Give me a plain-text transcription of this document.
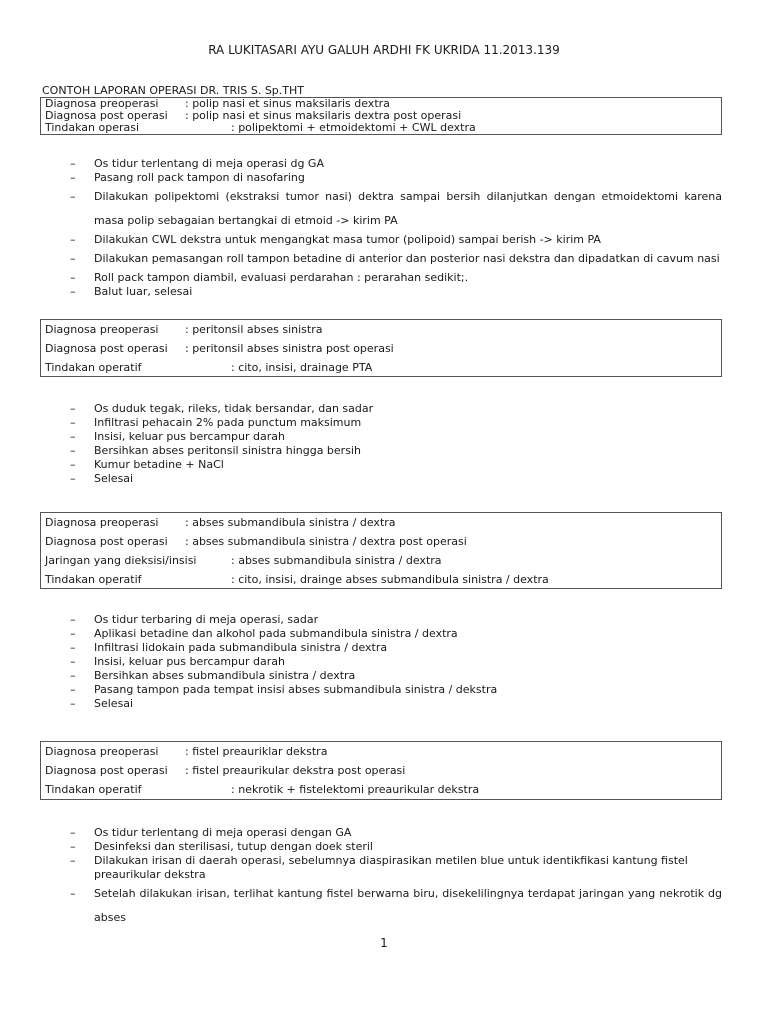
RA LUKITASARI AYU GALUH ARDHI FK UKRIDA 11.2013.139
CONTOH LAPORAN OPERASI DR. TRIS S. Sp.THT
Diagnosa preoperasi : polip nasi et sinus maksilaris dextra
Diagnosa post operasi : polip nasi et sinus maksilaris dextra post operasi
Tindakan operasi	: polipektomi + etmoidektomi + CWL dextra
– Os tidur terlentang di meja operasi dg GA
– Pasang roll pack tampon di nasofaring
– Dilakukan polipektomi (ekstraksi tumor nasi) dektra sampai bersih dilanjutkan dengan etmoidektomi karena masa polip sebagaian bertangkai di etmoid -> kirim PA
– Dilakukan CWL dekstra untuk mengangkat masa tumor (polipoid) sampai berish -> kirim PA
– Dilakukan pemasangan roll tampon betadine di anterior dan posterior nasi dekstra dan dipadatkan di cavum nasi
– Roll pack tampon diambil, evaluasi perdarahan : perarahan sedikit;.
– Balut luar, selesai
Diagnosa preoperasi : peritonsil abses sinistra
Diagnosa post operasi : peritonsil abses sinistra post operasi
Tindakan operatif	: cito, insisi, drainage PTA
– Os duduk tegak, rileks, tidak bersandar, dan sadar
– Infiltrasi pehacain 2% pada punctum maksimum
– Insisi, keluar pus bercampur darah
– Bersihkan abses peritonsil sinistra hingga bersih
– Kumur betadine + NaCl
– Selesai
Diagnosa preoperasi : abses submandibula sinistra / dextra
Diagnosa post operasi : abses submandibula sinistra / dextra post operasi
Jaringan yang dieksisi/insisi	: abses submandibula sinistra / dextra
Tindakan operatif	: cito, insisi, drainge abses submandibula sinistra / dextra
– Os tidur terbaring di meja operasi, sadar
– Aplikasi betadine dan alkohol pada submandibula sinistra / dextra
– Infiltrasi lidokain pada submandibula sinistra / dextra
– Insisi, keluar pus bercampur darah
– Bersihkan abses submandibula sinistra / dextra
– Pasang tampon pada tempat insisi abses submandibula sinistra / dekstra
– Selesai
Diagnosa preoperasi : fistel preauriklar dekstra
Diagnosa post operasi : fistel preaurikular dekstra post operasi
Tindakan operatif	: nekrotik + fistelektomi preaurikular dekstra
– Os tidur terlentang di meja operasi dengan GA
– Desinfeksi dan sterilisasi, tutup dengan doek steril
– Dilakukan irisan di daerah operasi, sebelumnya diaspirasikan metilen blue untuk identikfikasi kantung fistel preaurikular dekstra
– Setelah dilakukan irisan, terlihat kantung fistel berwarna biru, disekelilingnya terdapat jaringan yang nekrotik dg abses
1
